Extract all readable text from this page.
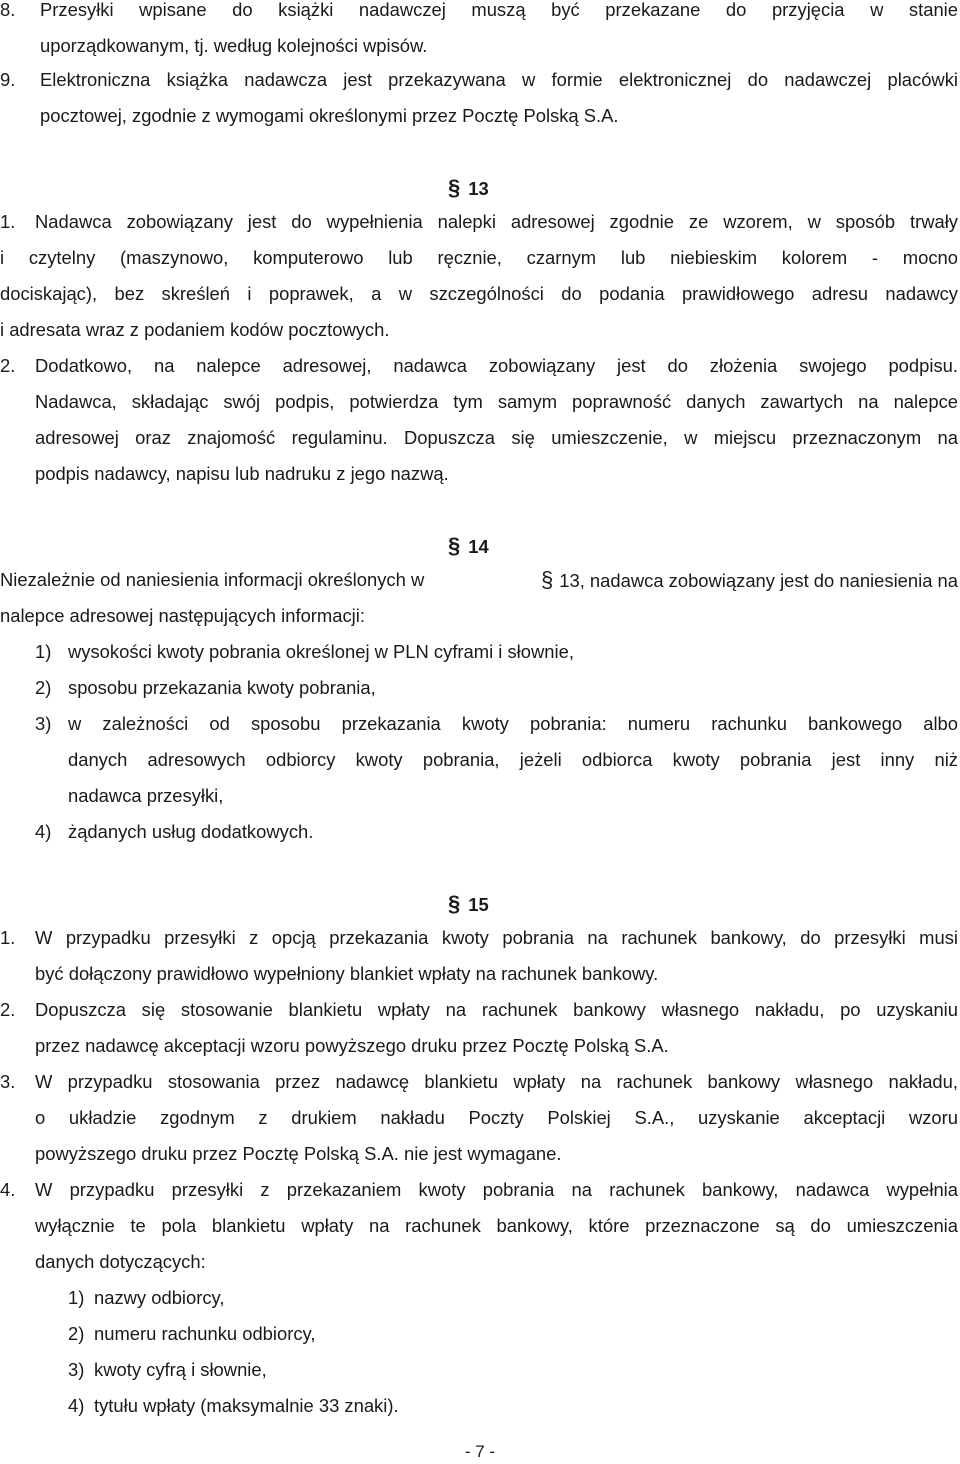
8. Przesyłki wpisane do książki nadawczej muszą być przekazane do przyjęcia w stanie
uporządkowanym, tj. według kolejności wpisów.
9. Elektroniczna książka nadawcza jest przekazywana w formie elektronicznej do nadawczej placówki
pocztowej, zgodnie z wymogami określonymi przez Pocztę Polską S.A.
§ 13
1. Nadawca zobowiązany jest do wypełnienia nalepki adresowej zgodnie ze wzorem, w sposób trwały
i czytelny (maszynowo, komputerowo lub ręcznie, czarnym lub niebieskim kolorem - mocno
dociskając), bez skreśleń i poprawek, a w szczególności do podania prawidłowego adresu nadawcy
i adresata wraz z podaniem kodów pocztowych.
2. Dodatkowo, na nalepce adresowej, nadawca zobowiązany jest do złożenia swojego podpisu.
Nadawca, składając swój podpis, potwierdza tym samym poprawność danych zawartych na nalepce
adresowej oraz znajomość regulaminu. Dopuszcza się umieszczenie, w miejscu przeznaczonym na
podpis nadawcy, napisu lub nadruku z jego nazwą.
§ 14
Niezależnie od naniesienia informacji określonych w	§ 13, nadawca zobowiązany jest do naniesienia na
nalepce adresowej następujących informacji:
1) wysokości kwoty pobrania określonej w PLN cyframi i słownie,
2) sposobu przekazania kwoty pobrania,
3) w zależności od sposobu przekazania kwoty pobrania: numeru rachunku bankowego albo
danych adresowych odbiorcy kwoty pobrania, jeżeli odbiorca kwoty pobrania jest inny niż
nadawca przesyłki,
4) żądanych usług dodatkowych.
§ 15
1. W przypadku przesyłki z opcją przekazania kwoty pobrania na rachunek bankowy, do przesyłki musi
być dołączony prawidłowo wypełniony blankiet wpłaty na rachunek bankowy.
2. Dopuszcza się stosowanie blankietu wpłaty na rachunek bankowy własnego nakładu, po uzyskaniu
przez nadawcę akceptacji wzoru powyższego druku przez Pocztę Polską S.A.
3. W przypadku stosowania przez nadawcę blankietu wpłaty na rachunek bankowy własnego nakładu,
o układzie zgodnym z drukiem nakładu Poczty Polskiej S.A., uzyskanie akceptacji wzoru
powyższego druku przez Pocztę Polską S.A. nie jest wymagane.
4. W przypadku przesyłki z przekazaniem kwoty pobrania na rachunek bankowy, nadawca wypełnia
wyłącznie te pola blankietu wpłaty na rachunek bankowy, które przeznaczone są do umieszczenia
danych dotyczących:
1) nazwy odbiorcy,
2) numeru rachunku odbiorcy,
3) kwoty cyfrą i słownie,
4) tytułu wpłaty (maksymalnie 33 znaki).
- 7 -
